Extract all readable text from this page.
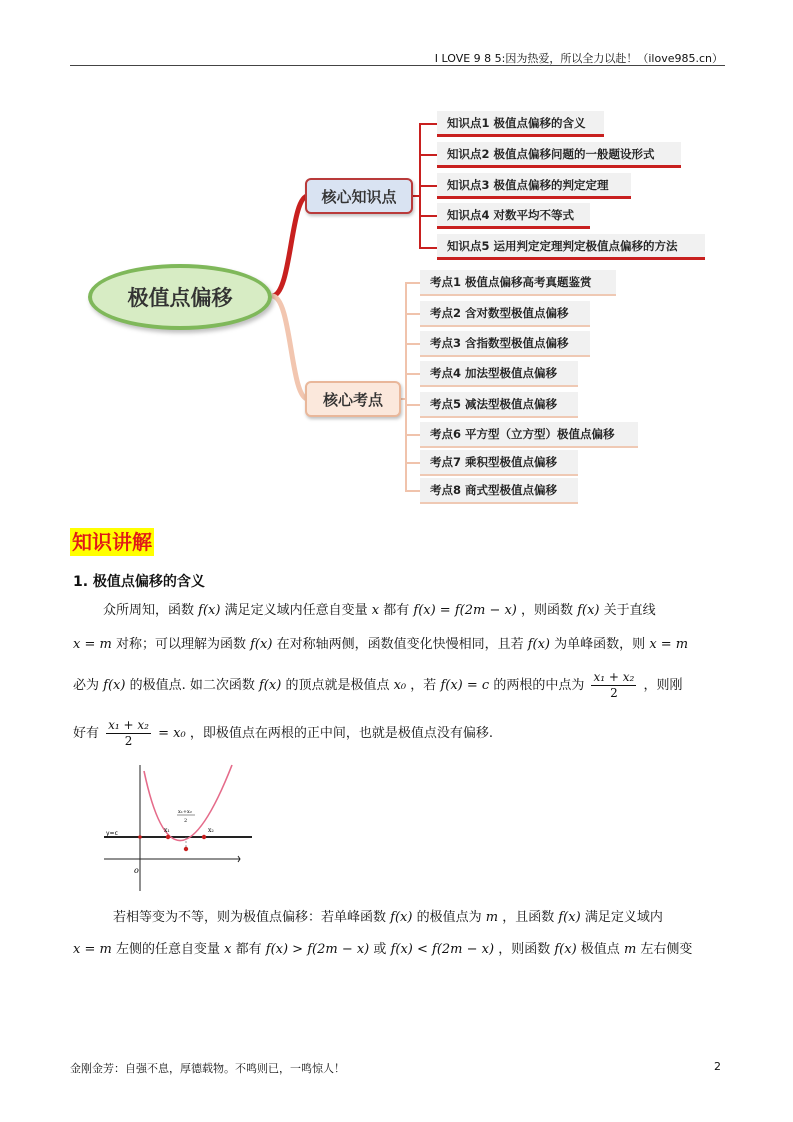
I LOVE 9 8 5:因为热爱，所以全力以赴！（ilove985.cn）
极值点偏移
核心知识点
核心考点
知识点1 极值点偏移的含义
知识点2 极值点偏移问题的一般题设形式
知识点3 极值点偏移的判定定理
知识点4 对数平均不等式
知识点5 运用判定定理判定极值点偏移的方法
考点1 极值点偏移高考真题鉴赏
考点2 含对数型极值点偏移
考点3 含指数型极值点偏移
考点4 加法型极值点偏移
考点5 减法型极值点偏移
考点6 平方型（立方型）极值点偏移
考点7 乘积型极值点偏移
考点8 商式型极值点偏移
知识讲解
1. 极值点偏移的含义
众所周知，函数 f(x) 满足定义域内任意自变量 x 都有 f(x) = f(2m − x) ，则函数 f(x) 关于直线
x = m 对称；可以理解为函数 f(x) 在对称轴两侧，函数值变化快慢相同，且若 f(x) 为单峰函数，则 x = m
必为 f(x) 的极值点. 如二次函数 f(x) 的顶点就是极值点 x₀ ，若 f(x) = c 的两根的中点为 $\frac{\text{x₁ + x₂}}{2}$ ，则刚
好有 $\frac{\text{x₁ + x₂}}{2} = x_0$ ，即极值点在两根的正中间，也就是极值点没有偏移.
y=c
o
x₁	x₂
x₁+x₂
2
若相等变为不等，则为极值点偏移：若单峰函数 f(x) 的极值点为 m ，且函数 f(x) 满足定义域内
x = m 左侧的任意自变量 x 都有 f(x) > f(2m − x) 或 f(x) < f(2m − x) ，则函数 f(x) 极值点 m 左右侧变
金刚金芳：自强不息，厚德载物。不鸣则已，一鸣惊人！	2
